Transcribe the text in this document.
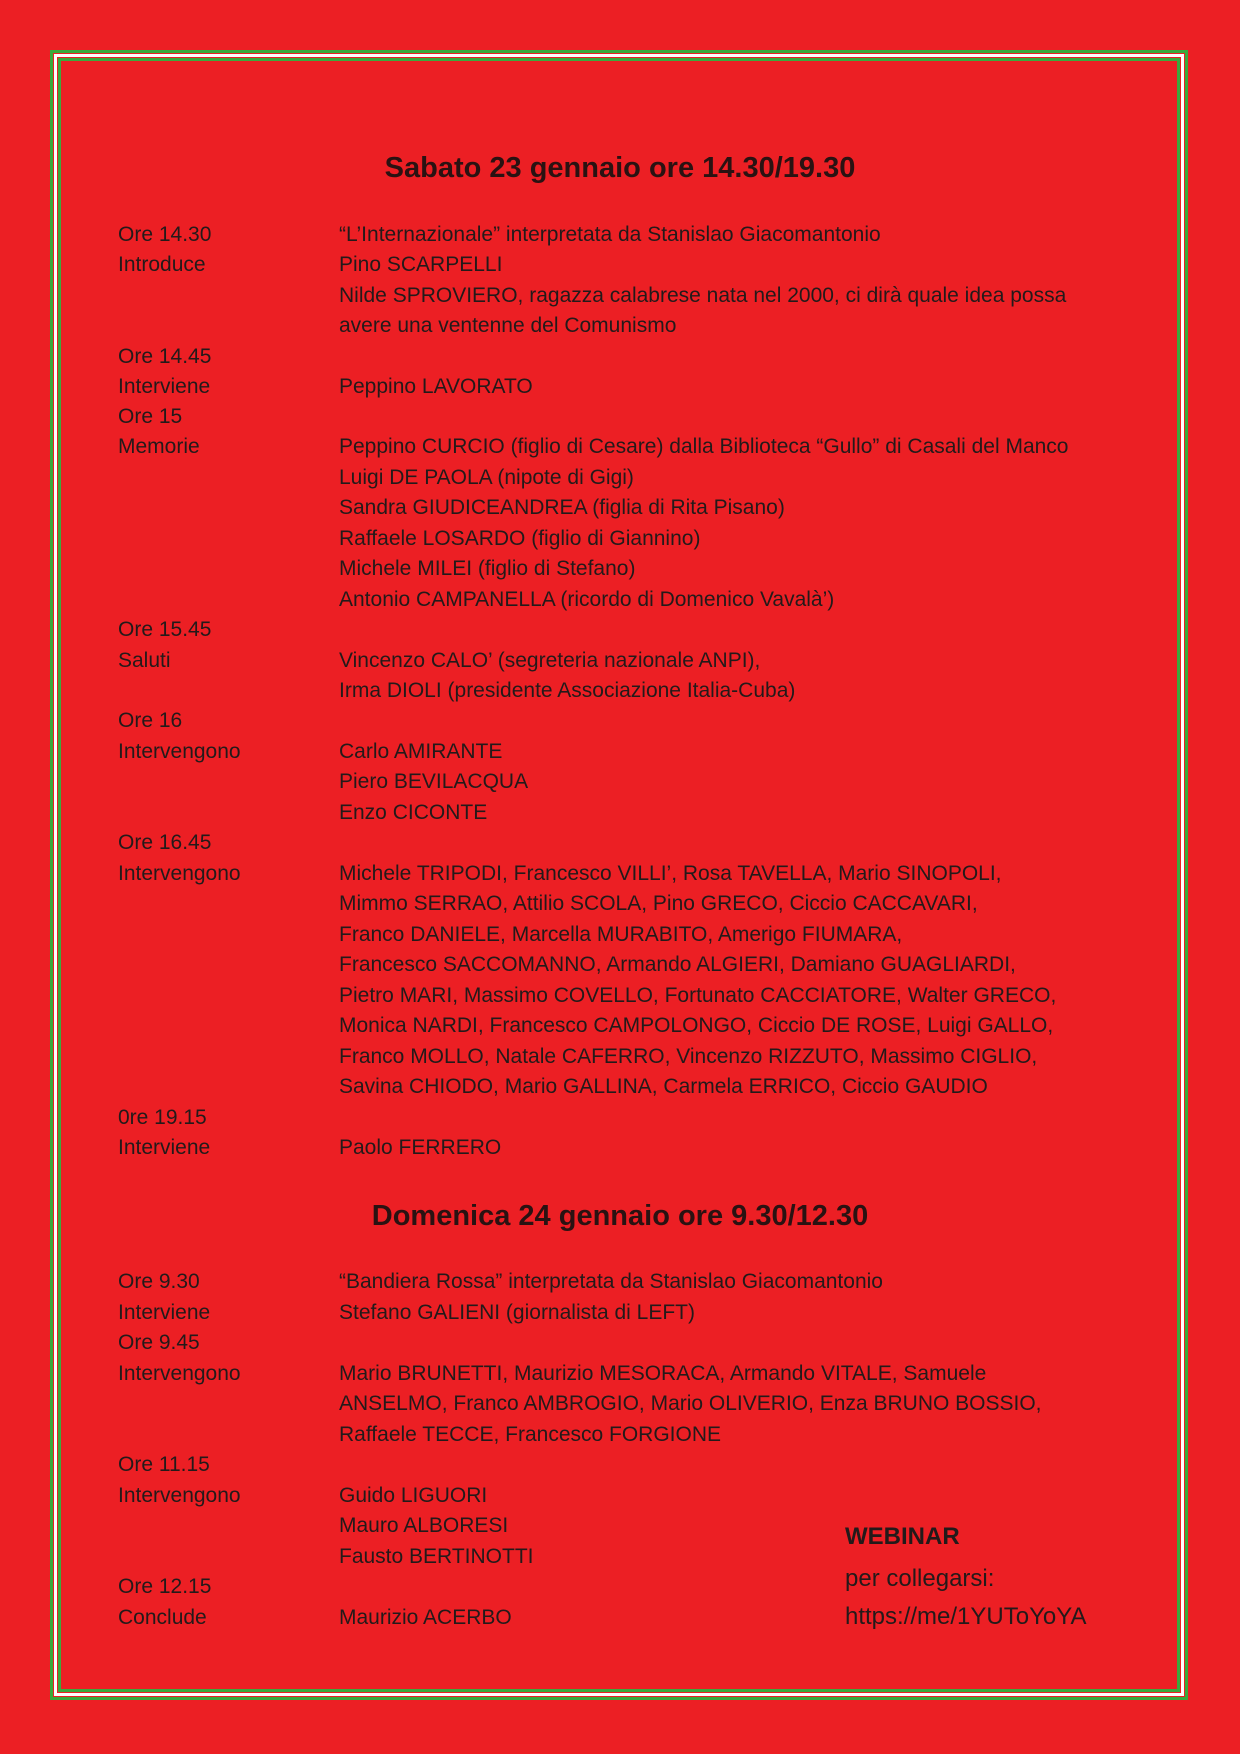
Sabato 23 gennaio ore 14.30/19.30
Ore 14.30
Introduce
Ore 14.45
Interviene
Ore 15
Memorie
Ore 15.45
Saluti
Ore 16
Intervengono
Ore 16.45
Intervengono
0re 19.15
Interviene
“L’Internazionale” interpretata da Stanislao Giacomantonio
Pino SCARPELLI
Nilde SPROVIERO, ragazza calabrese nata nel 2000, ci dirà quale idea possa
avere una ventenne del Comunismo
Peppino LAVORATO
Peppino CURCIO (figlio di Cesare) dalla Biblioteca “Gullo” di Casali del Manco
Luigi DE PAOLA (nipote di Gigi)
Sandra GIUDICEANDREA (figlia di Rita Pisano)
Raffaele LOSARDO (figlio di Giannino)
Michele MILEI (figlio di Stefano)
Antonio CAMPANELLA (ricordo di Domenico Vavalà’)
Vincenzo CALO’ (segreteria nazionale ANPI),
Irma DIOLI (presidente Associazione Italia-Cuba)
Carlo AMIRANTE
Piero BEVILACQUA
Enzo CICONTE
Michele TRIPODI, Francesco VILLI’, Rosa TAVELLA, Mario SINOPOLI,
Mimmo SERRAO, Attilio SCOLA, Pino GRECO, Ciccio CACCAVARI,
Franco DANIELE, Marcella MURABITO, Amerigo FIUMARA,
Francesco SACCOMANNO, Armando ALGIERI, Damiano GUAGLIARDI,
Pietro MARI, Massimo COVELLO, Fortunato CACCIATORE, Walter GRECO,
Monica NARDI, Francesco CAMPOLONGO, Ciccio DE ROSE, Luigi GALLO,
Franco MOLLO, Natale CAFERRO, Vincenzo RIZZUTO, Massimo CIGLIO,
Savina CHIODO, Mario GALLINA, Carmela ERRICO, Ciccio GAUDIO
Paolo FERRERO
Domenica 24 gennaio ore 9.30/12.30
Ore 9.30
Interviene
Ore 9.45
Intervengono
Ore 11.15
Intervengono
Ore 12.15
Conclude
“Bandiera Rossa” interpretata da Stanislao Giacomantonio
Stefano GALIENI (giornalista di LEFT)
Mario BRUNETTI, Maurizio MESORACA, Armando VITALE, Samuele
ANSELMO, Franco AMBROGIO, Mario OLIVERIO, Enza BRUNO BOSSIO,
Raffaele TECCE, Francesco FORGIONE
Guido LIGUORI
Mauro ALBORESI
Fausto BERTINOTTI
Maurizio ACERBO
WEBINAR
per collegarsi:
https://me/1YUToYoYA
